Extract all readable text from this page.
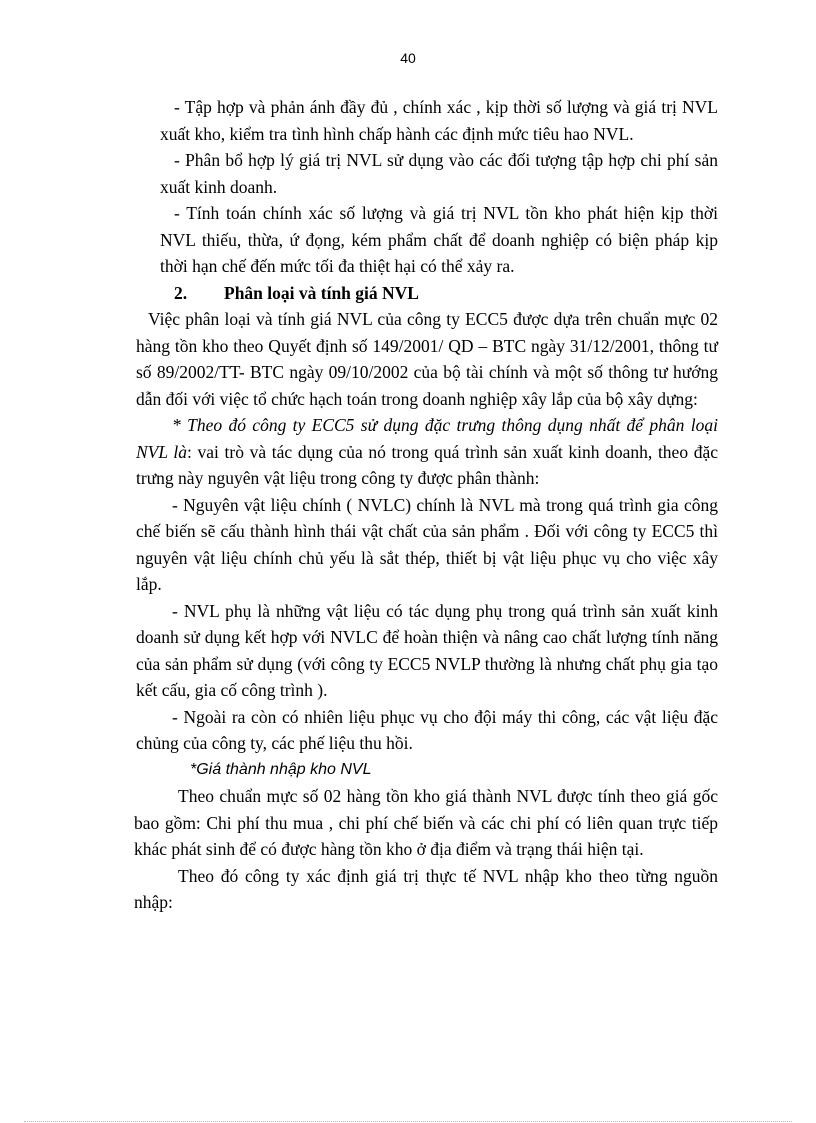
40

- Tập hợp và phản ánh đầy đủ , chính xác , kịp thời số lượng và giá trị NVL xuất kho, kiểm tra tình hình chấp hành các định mức tiêu hao NVL.

- Phân bổ hợp lý giá trị NVL sử dụng vào các đối tượng tập hợp chi phí sản xuất kinh doanh.

- Tính toán chính xác số lượng và giá trị NVL tồn kho phát hiện kịp thời NVL thiếu, thừa, ứ đọng, kém phẩm chất để doanh nghiệp có biện pháp kịp thời hạn chế đến mức tối đa thiệt hại có thể xảy ra.

2. Phân loại và tính giá NVL

Việc phân loại và tính giá NVL của công ty ECC5 được dựa trên chuẩn mực 02 hàng tồn kho theo Quyết định số 149/2001/ QD – BTC ngày 31/12/2001, thông tư số 89/2002/TT- BTC ngày 09/10/2002 của bộ tài chính và một số thông tư hướng dẫn đối với việc tổ chức hạch toán trong doanh nghiệp xây lắp của bộ xây dựng:

* Theo đó công ty ECC5 sử dụng đặc trưng thông dụng nhất để phân loại NVL là: vai trò và tác dụng của nó trong quá trình sản xuất kinh doanh, theo đặc trưng này nguyên vật liệu trong công ty được phân thành:

- Nguyên vật liệu chính ( NVLC) chính là NVL mà trong quá trình gia công chế biến sẽ cấu thành hình thái vật chất của sản phẩm . Đối với công ty ECC5 thì nguyên vật liệu chính chủ yếu là sắt thép, thiết bị vật liệu phục vụ cho việc xây lắp.

- NVL phụ là những vật liệu có tác dụng phụ trong quá trình sản xuất kinh doanh sử dụng kết hợp với NVLC để hoàn thiện và nâng cao chất lượng tính năng của sản phẩm sử dụng (với công ty ECC5 NVLP thường là nhưng chất phụ gia tạo kết cấu, gia cố công trình ).

- Ngoài ra còn có nhiên liệu phục vụ cho đội máy thi công, các vật liệu đặc chủng của công ty, các phế liệu thu hồi.

*Giá thành nhập kho NVL

Theo chuẩn mực số 02 hàng tồn kho giá thành NVL được tính theo giá gốc bao gồm: Chi phí thu mua , chi phí chế biến và các chi phí có liên quan trực tiếp khác phát sinh để có được hàng tồn kho ở địa điểm và trạng thái hiện tại.

Theo đó công ty xác định giá trị thực tế NVL nhập kho theo từng nguồn nhập:
